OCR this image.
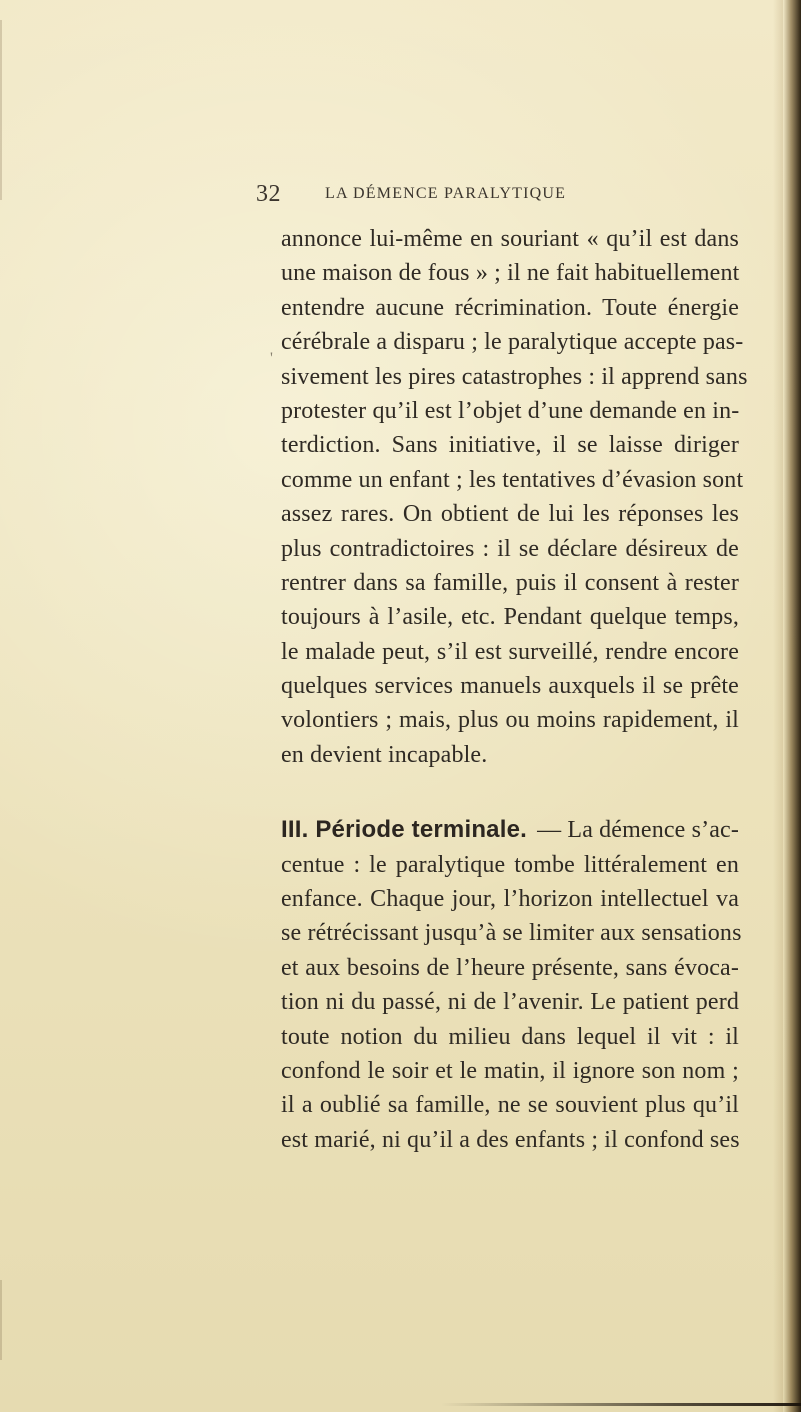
'
32	LA DÉMENCE PARALYTIQUE
annonce lui-même en souriant « qu’il est dans
une maison de fous » ; il ne fait habituellement
entendre aucune récrimination. Toute énergie
cérébrale a disparu ; le paralytique accepte pas-
sivement les pires catastrophes : il apprend sans
protester qu’il est l’objet d’une demande en in-
terdiction. Sans initiative, il se laisse diriger
comme un enfant ; les tentatives d’évasion sont
assez rares. On obtient de lui les réponses les
plus contradictoires : il se déclare désireux de
rentrer dans sa famille, puis il consent à rester
toujours à l’asile, etc. Pendant quelque temps,
le malade peut, s’il est surveillé, rendre encore
quelques services manuels auxquels il se prête
volontiers ; mais, plus ou moins rapidement, il
en devient incapable.
III. Période terminale. — La démence s’ac-
centue : le paralytique tombe littéralement en
enfance. Chaque jour, l’horizon intellectuel va
se rétrécissant jusqu’à se limiter aux sensations
et aux besoins de l’heure présente, sans évoca-
tion ni du passé, ni de l’avenir. Le patient perd
toute notion du milieu dans lequel il vit : il
confond le soir et le matin, il ignore son nom ;
il a oublié sa famille, ne se souvient plus qu’il
est marié, ni qu’il a des enfants ; il confond ses
